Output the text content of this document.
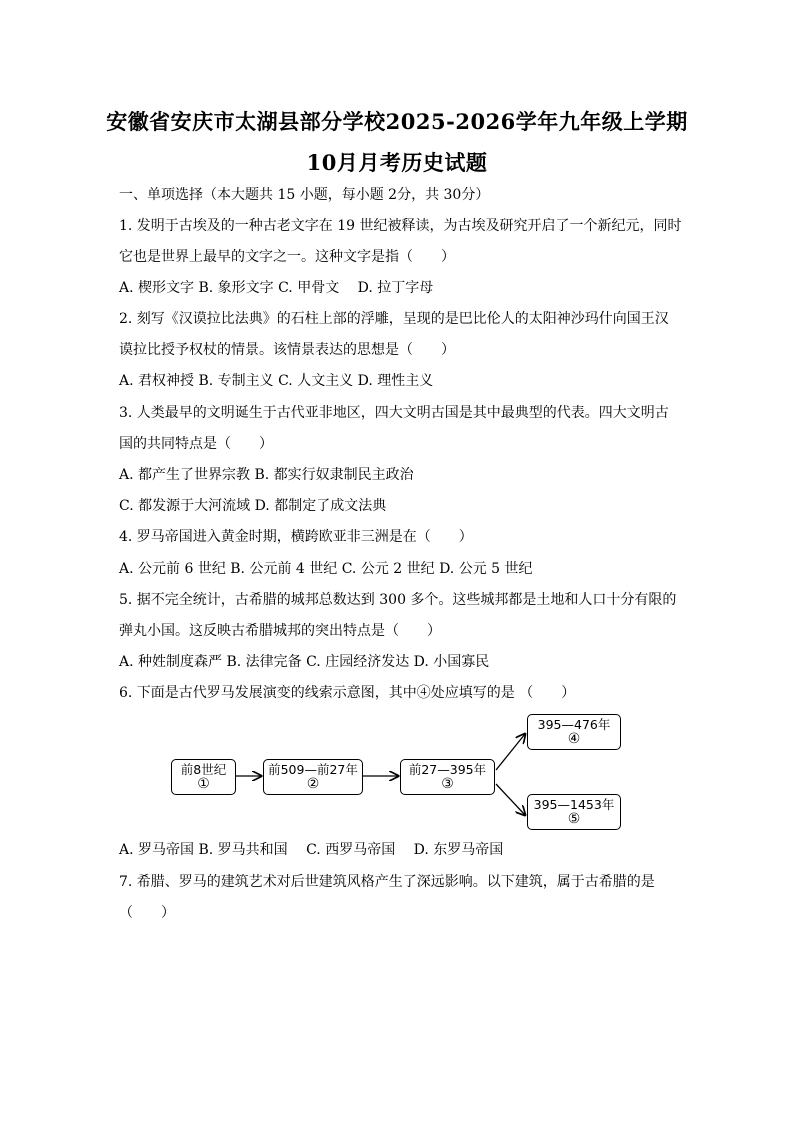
安徽省安庆市太湖县部分学校2025-2026学年九年级上学期
10月月考历史试题
一、单项选择（本大题共 15 小题，每小题 2分，共 30分）
1. 发明于古埃及的一种古老文字在 19 世纪被释读，为古埃及研究开启了一个新纪元，同时
它也是世界上最早的文字之一。这种文字是指（　　）
A. 楔形文字 B. 象形文字 C. 甲骨文　 D. 拉丁字母
2. 刻写《汉谟拉比法典》的石柱上部的浮雕，呈现的是巴比伦人的太阳神沙玛什向国王汉
谟拉比授予权杖的情景。该情景表达的思想是（　　）
A. 君权神授 B. 专制主义 C. 人文主义 D. 理性主义
3. 人类最早的文明诞生于古代亚非地区，四大文明古国是其中最典型的代表。四大文明古
国的共同特点是（　　）
A. 都产生了世界宗教 B. 都实行奴隶制民主政治
C. 都发源于大河流域 D. 都制定了成文法典
4. 罗马帝国进入黄金时期，横跨欧亚非三洲是在（　　）
A. 公元前 6 世纪 B. 公元前 4 世纪 C. 公元 2 世纪 D. 公元 5 世纪
5. 据不完全统计，古希腊的城邦总数达到 300 多个。这些城邦都是土地和人口十分有限的
弹丸小国。这反映古希腊城邦的突出特点是（　　）
A. 种姓制度森严 B. 法律完备 C. 庄园经济发达 D. 小国寡民
6. 下面是古代罗马发展演变的线索示意图，其中④处应填写的是 （　　）
前8世纪
①
前509—前27年
②
前27—395年
③
395—476年
④
395—1453年
⑤
A. 罗马帝国 B. 罗马共和国　 C. 西罗马帝国　 D. 东罗马帝国
7. 希腊、罗马的建筑艺术对后世建筑风格产生了深远影响。以下建筑，属于古希腊的是
（　　）
